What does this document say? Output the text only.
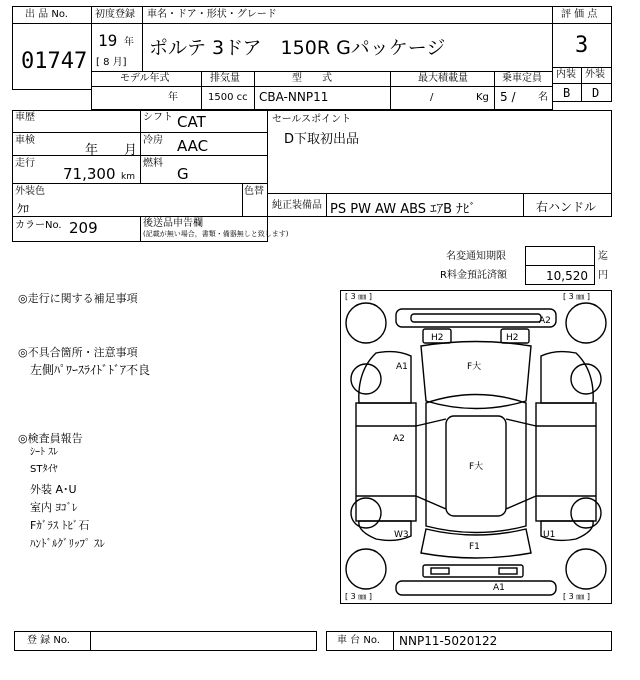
出 品 No.
01747
初度登録
19 年
[ 8 月]
車名・ドア・形状・グレード
ポルテ 3ドア　150R Gパッケージ
評 価 点
3
内装 外装
B D
モデル年式	排気量	型　　式	最大積載量	乗車定員
年	1500 cc CBA-NNP11	/	Kg 5 / 名
車歴	シフト CAT
車検
年　　月
冷房 AAC
走行
71,300 km
燃料
G
外装色
ｸﾛ
色替
カラーNo. 209	後送品申告欄
(記載が無い場合，書類・備器無しと致します)
セールスポイント
D下取初出品
純正装備品 PS PW AW ABS ｴｱB ﾅﾋﾞ	右ハンドル
名変通知期限	迄
R料金預託済額	10,520 円
◎走行に関する補足事項
◎不具合箇所・注意事項
左側ﾊﾟﾜｰｽﾗｲﾄﾞﾄﾞｱ不良
◎検査員報告
ｼｰﾄ ｽﾚ
STﾀｲﾔ
外装 A･U
室内 ﾖｺﾞﾚ
Fｶﾞﾗｽ ﾄﾋﾞ石
ﾊﾝﾄﾞﾙｸﾞﾘｯﾌﾟ ｽﾚ
[ 3 ㎜ ]	[ 3 ㎜ ]
[ 3 ㎜ ]	[ 3 ㎜ ]
A2
H2	H2
A1	F大
A2
F大
W3	U1
F1
A1
登 録 No.	車 台 No. NNP11-5020122
